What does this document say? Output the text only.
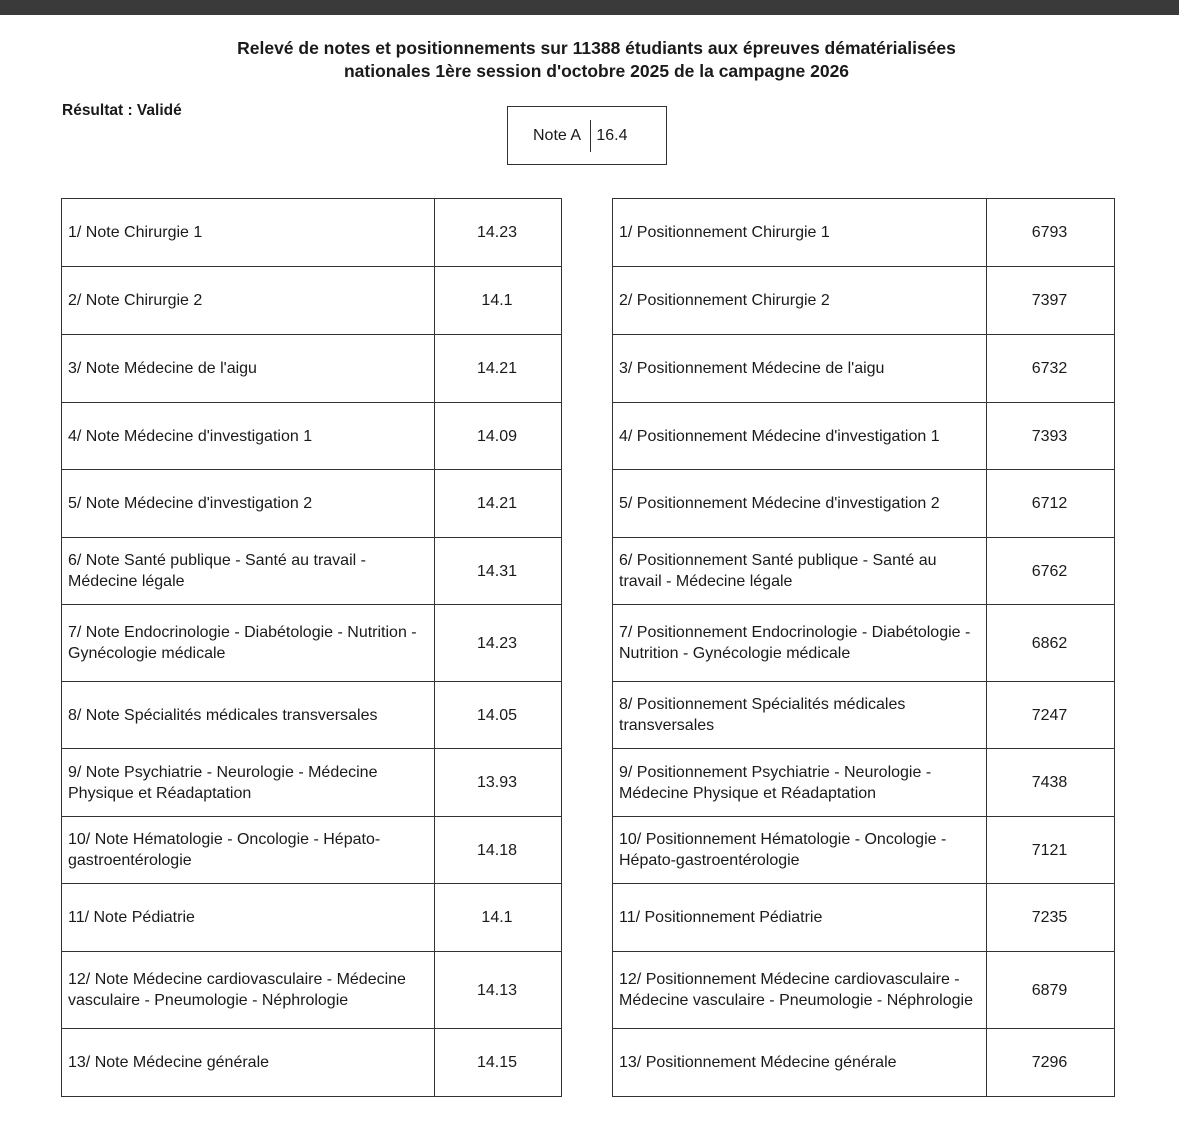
Relevé de notes et positionnements sur 11388 étudiants aux épreuves dématérialisées
nationales 1ère session d'octobre 2025 de la campagne 2026
Résultat : Validé
Note A 16.4
1/ Note Chirurgie 1	14.23
2/ Note Chirurgie 2	14.1
3/ Note Médecine de l'aigu	14.21
4/ Note Médecine d'investigation 1	14.09
5/ Note Médecine d'investigation 2	14.21
6/ Note Santé publique - Santé au travail - Médecine légale	14.31
7/ Note Endocrinologie - Diabétologie - Nutrition - Gynécologie médicale	14.23
8/ Note Spécialités médicales transversales	14.05
9/ Note Psychiatrie - Neurologie - Médecine Physique et Réadaptation	13.93
10/ Note Hématologie - Oncologie - Hépato-gastroentérologie	14.18
11/ Note Pédiatrie	14.1
12/ Note Médecine cardiovasculaire - Médecine vasculaire - Pneumologie - Néphrologie	14.13
13/ Note Médecine générale	14.15
1/ Positionnement Chirurgie 1	6793
2/ Positionnement Chirurgie 2	7397
3/ Positionnement Médecine de l'aigu	6732
4/ Positionnement Médecine d'investigation 1	7393
5/ Positionnement Médecine d'investigation 2	6712
6/ Positionnement Santé publique - Santé au travail - Médecine légale	6762
7/ Positionnement Endocrinologie - Diabétologie - Nutrition - Gynécologie médicale	6862
8/ Positionnement Spécialités médicales transversales	7247
9/ Positionnement Psychiatrie - Neurologie - Médecine Physique et Réadaptation	7438
10/ Positionnement Hématologie - Oncologie - Hépato-gastroentérologie	7121
11/ Positionnement Pédiatrie	7235
12/ Positionnement Médecine cardiovasculaire - Médecine vasculaire - Pneumologie - Néphrologie	6879
13/ Positionnement Médecine générale	7296
